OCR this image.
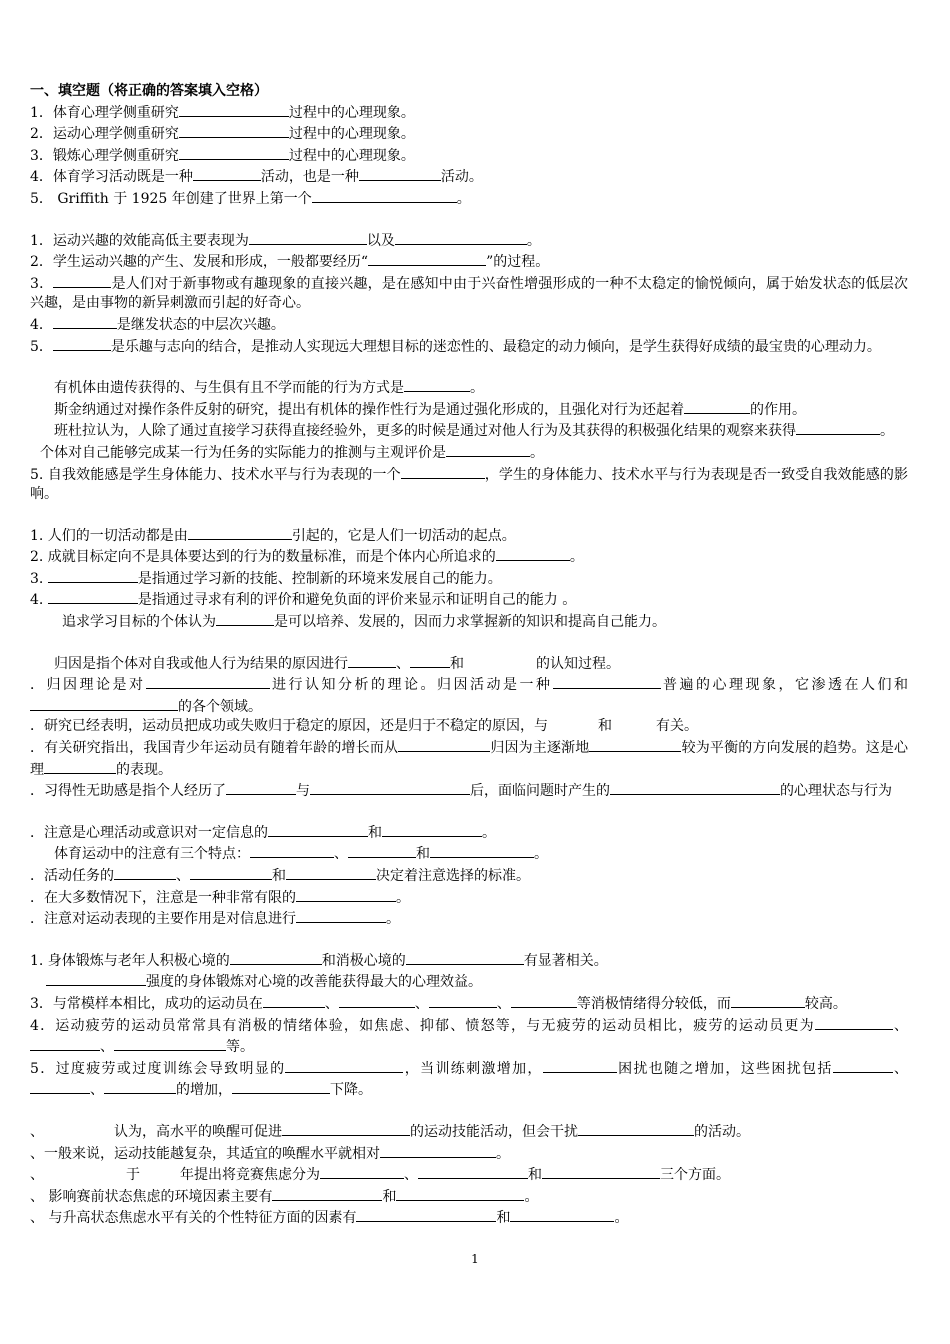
一、填空题（将正确的答案填入空格）
1．体育心理学侧重研究	过程中的心理现象。
2．运动心理学侧重研究	过程中的心理现象。
3．锻炼心理学侧重研究	过程中的心理现象。
4．体育学习活动既是一种	活动，也是一种	活动。
5． Griffith 于 1925 年创建了世界上第一个	。
1．运动兴趣的效能高低主要表现为	以及	。
2．学生运动兴趣的产生、发展和形成，一般都要经历“	”的过程。
3．	是人们对于新事物或有趣现象的直接兴趣，是在感知中由于兴奋性增强形成的一种不太稳定的愉悦倾向，属于始发状态的低层次兴趣，是由事物的新异刺激而引起的好奇心。
4．	是继发状态的中层次兴趣。
5．	是乐趣与志向的结合，是推动人实现远大理想目标的迷恋性的、最稳定的动力倾向，是学生获得好成绩的最宝贵的心理动力。
有机体由遗传获得的、与生俱有且不学而能的行为方式是	。
斯金纳通过对操作条件反射的研究，提出有机体的操作性行为是通过强化形成的，且强化对行为还起着	的作用。
班杜拉认为，人除了通过直接学习获得直接经验外，更多的时候是通过对他人行为及其获得的积极强化结果的观察来获得	。
个体对自己能够完成某一行为任务的实际能力的推测与主观评价是	。
5. 自我效能感是学生身体能力、技术水平与行为表现的一个	，学生的身体能力、技术水平与行为表现是否一致受自我效能感的影响。
1. 人们的一切活动都是由	引起的，它是人们一切活动的起点。
2. 成就目标定向不是具体要达到的行为的数量标准，而是个体内心所追求的	。
3.	是指通过学习新的技能、控制新的环境来发展自己的能力。
4.	是指通过寻求有利的评价和避免负面的评价来显示和证明自己的能力 。
追求学习目标的个体认为	是可以培养、发展的，因而力求掌握新的知识和提高自己能力。
归因是指个体对自我或他人行为结果的原因进行	、	和	的认知过程。
．归因理论是对	进行认知分析的理论。归因活动是一种	普遍的心理现象，它渗透在人们和的各个领域。
．研究已经表明，运动员把成功或失败归于稳定的原因，还是归于不稳定的原因，与	和	有关。
．有关研究指出，我国青少年运动员有随着年龄的增长而从	归因为主逐渐地	较为平衡的方向发展的趋势。这是心理	的表现。
．习得性无助感是指个人经历了	与	后，面临问题时产生的	的心理状态与行为
．注意是心理活动或意识对一定信息的	和	。
体育运动中的注意有三个特点：	、	和	。
．活动任务的	、	和	决定着注意选择的标准。
．在大多数情况下，注意是一种非常有限的	。
．注意对运动表现的主要作用是对信息进行	。
1. 身体锻炼与老年人积极心境的	和消极心境的	有显著相关。
强度的身体锻炼对心境的改善能获得最大的心理效益。
3．与常模样本相比，成功的运动员在	、	、	、	等消极情绪得分较低，而	较高。
4．运动疲劳的运动员常常具有消极的情绪体验，如焦虑、抑郁、愤怒等，与无疲劳的运动员相比，疲劳的运动员更为	、、	等。
5．过度疲劳或过度训练会导致明显的	，当训练刺激增加，	困扰也随之增加，这些困扰包括	、、	的增加，	下降。
、	认为，高水平的唤醒可促进	的运动技能活动，但会干扰	的活动。
、一般来说，运动技能越复杂，其适宜的唤醒水平就相对	。
、	于	年提出将竞赛焦虑分为	、	和	三个方面。
、 影响赛前状态焦虑的环境因素主要有	和	。
、 与升高状态焦虑水平有关的个性特征方面的因素有	和	。
1
